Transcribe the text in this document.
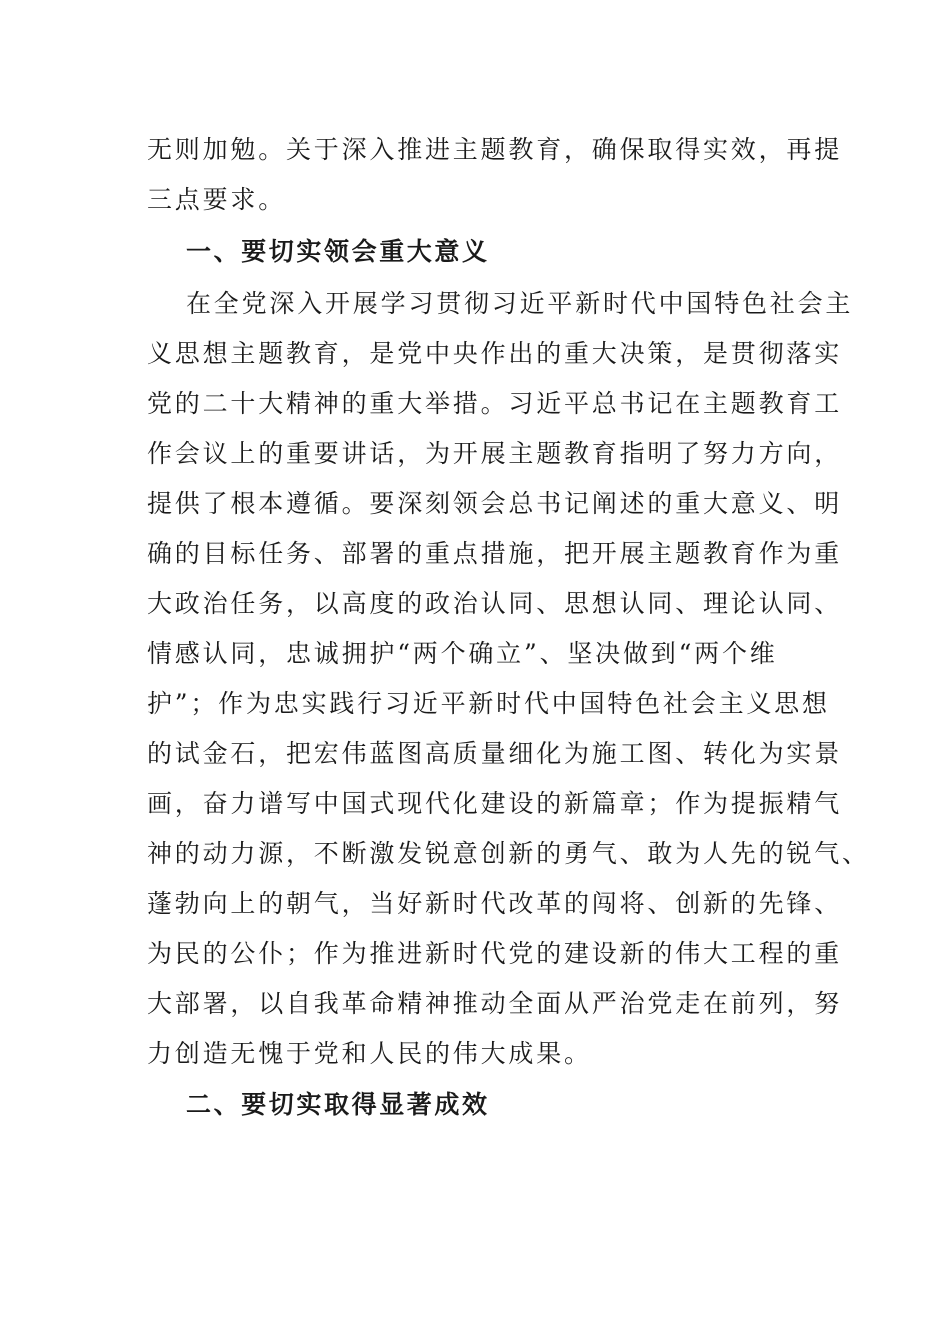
无则加勉。关于深入推进主题教育，确保取得实效，再提
三点要求。
一、要切实领会重大意义
在全党深入开展学习贯彻习近平新时代中国特色社会主
义思想主题教育，是党中央作出的重大决策，是贯彻落实
党的二十大精神的重大举措。习近平总书记在主题教育工
作会议上的重要讲话，为开展主题教育指明了努力方向，
提供了根本遵循。要深刻领会总书记阐述的重大意义、明
确的目标任务、部署的重点措施，把开展主题教育作为重
大政治任务，以高度的政治认同、思想认同、理论认同、
情感认同，忠诚拥护“两个确立”、坚决做到“两个维
护”；作为忠实践行习近平新时代中国特色社会主义思想
的试金石，把宏伟蓝图高质量细化为施工图、转化为实景
画，奋力谱写中国式现代化建设的新篇章；作为提振精气
神的动力源，不断激发锐意创新的勇气、敢为人先的锐气、
蓬勃向上的朝气，当好新时代改革的闯将、创新的先锋、
为民的公仆；作为推进新时代党的建设新的伟大工程的重
大部署，以自我革命精神推动全面从严治党走在前列，努
力创造无愧于党和人民的伟大成果。
二、要切实取得显著成效
